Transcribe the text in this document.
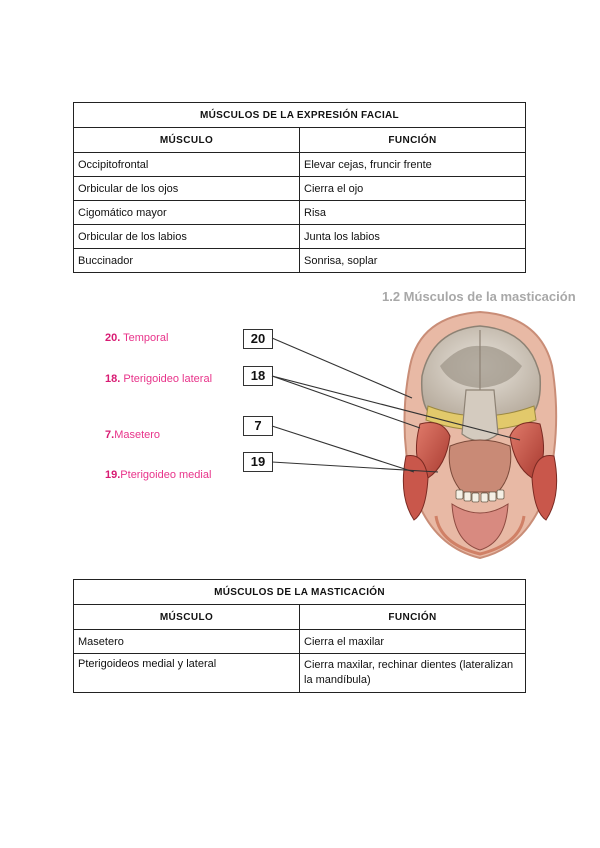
MÚSCULOS DE LA EXPRESIÓN FACIAL	
MÚSCULO	FUNCIÓN
Occipitofrontal	Elevar cejas, fruncir frente
Orbicular de los ojos	Cierra el ojo
Cigomático mayor	Risa
Orbicular de los labios	Junta los labios
Buccinador	Sonrisa, soplar
1.2 Músculos de la masticación
20. Temporal
18. Pterigoideo lateral
7.Masetero
19.Pterigoideo medial
20
18
7
19
MÚSCULOS DE LA MASTICACIÓN	
MÚSCULO	FUNCIÓN
Masetero	Cierra el maxilar
Pterigoideos medial y lateral	Cierra maxilar, rechinar dientes (lateralizan la mandíbula)
